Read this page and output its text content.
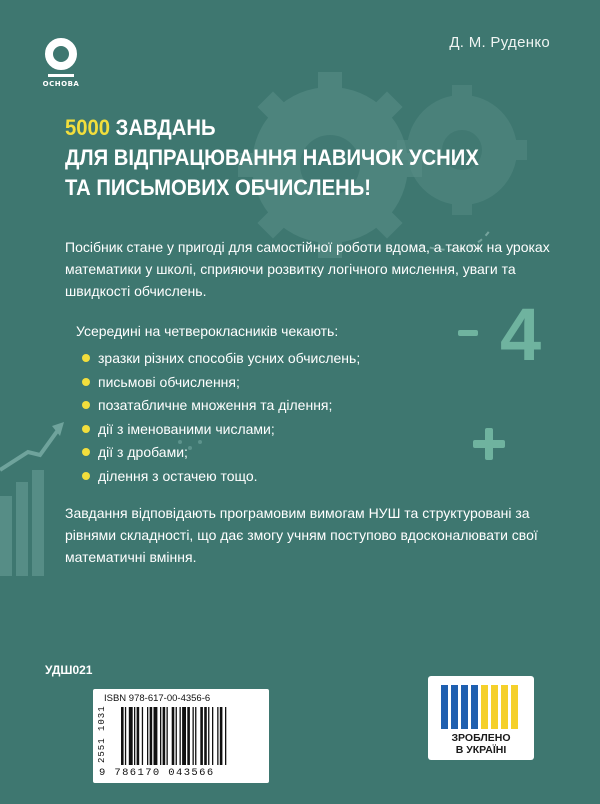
4
ОСНОВА
Д. М. Руденко
5000 ЗАВДАНЬ
ДЛЯ ВІДПРАЦЮВАННЯ НАВИЧОК УСНИХ
ТА ПИСЬМОВИХ ОБЧИСЛЕНЬ!
Посібник стане у пригоді для самостійної роботи вдома, а також на уроках математики у школі, сприяючи розвитку логічного мислення, уваги та швидкості обчислень.
Усередині на четверокласників чекають:
зразки різних способів усних обчислень;
письмові обчислення;
позатабличне множення та ділення;
дії з іменованими числами;
дії з дробами;
ділення з остачею тощо.
Завдання відповідають програмовим вимогам НУШ та структуровані за рівнями складності, що дає змогу учням поступово вдосконалювати свої математичні вміння.
УДШ021
ISBN 978-617-00-4356-6
2551 1031
9 786170 043566
ЗРОБЛЕНО
В УКРАЇНІ
